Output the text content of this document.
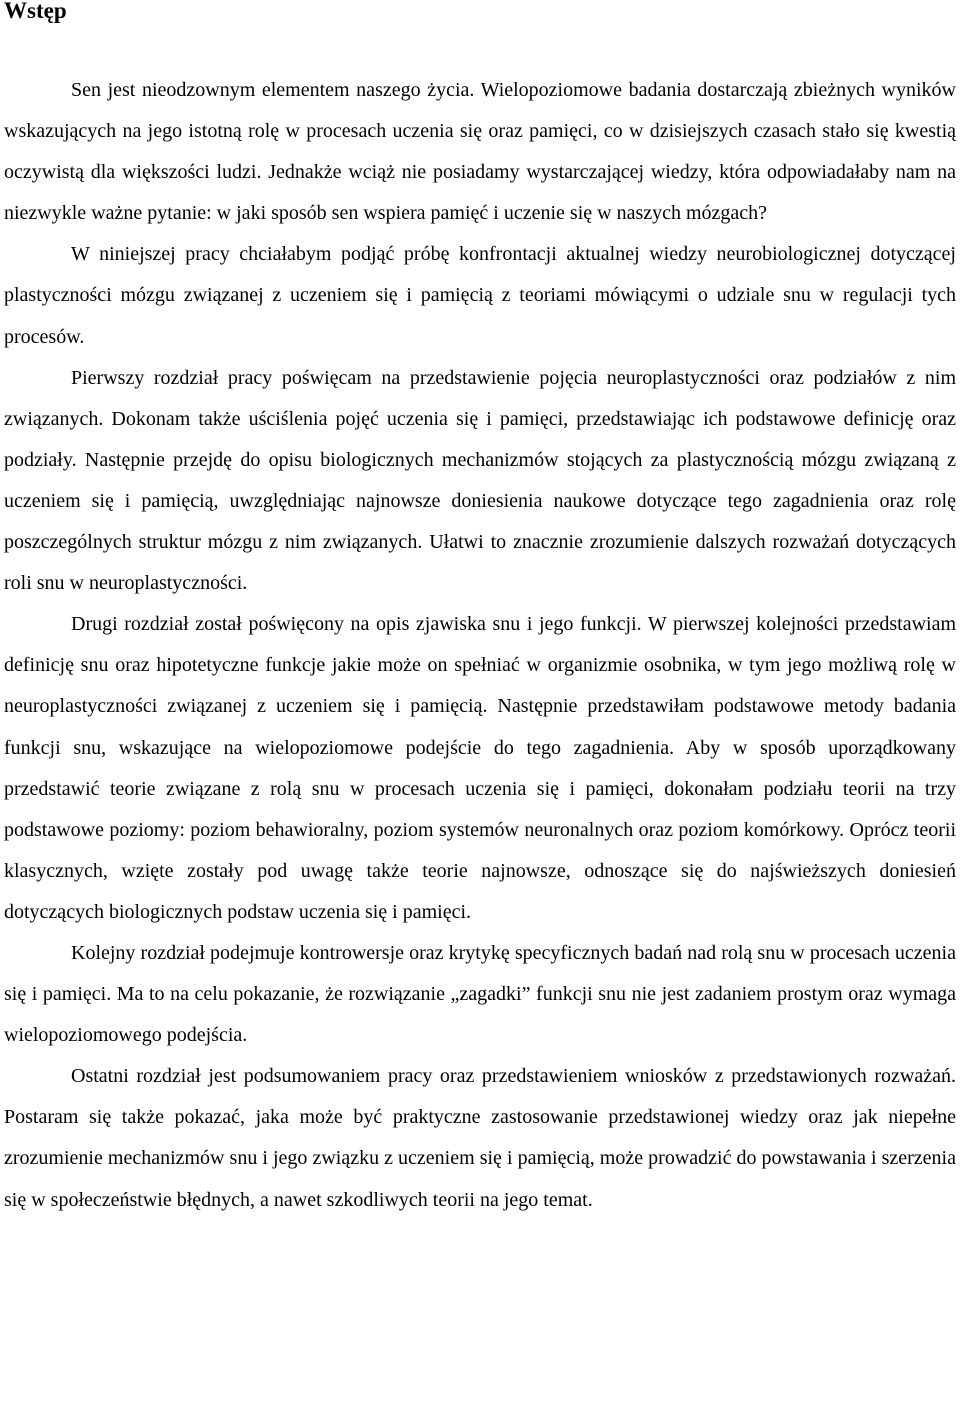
Wstęp

Sen jest nieodzownym elementem naszego życia. Wielopoziomowe badania dostarczają zbieżnych wyników wskazujących na jego istotną rolę w procesach uczenia się oraz pamięci, co w dzisiejszych czasach stało się kwestią oczywistą dla większości ludzi. Jednakże wciąż nie posiadamy wystarczającej wiedzy, która odpowiadałaby nam na niezwykle ważne pytanie: w jaki sposób sen wspiera pamięć i uczenie się w naszych mózgach?

W niniejszej pracy chciałabym podjąć próbę konfrontacji aktualnej wiedzy neurobiologicznej dotyczącej plastyczności mózgu związanej z uczeniem się i pamięcią z teoriami mówiącymi o udziale snu w regulacji tych procesów.

Pierwszy rozdział pracy poświęcam na przedstawienie pojęcia neuroplastyczności oraz podziałów z nim związanych. Dokonam także uściślenia pojęć uczenia się i pamięci, przedstawiając ich podstawowe definicję oraz podziały. Następnie przejdę do opisu biologicznych mechanizmów stojących za plastycznością mózgu związaną z uczeniem się i pamięcią, uwzględniając najnowsze doniesienia naukowe dotyczące tego zagadnienia oraz rolę poszczególnych struktur mózgu z nim związanych. Ułatwi to znacznie zrozumienie dalszych rozważań dotyczących roli snu w neuroplastyczności.

Drugi rozdział został poświęcony na opis zjawiska snu i jego funkcji. W pierwszej kolejności przedstawiam definicję snu oraz hipotetyczne funkcje jakie może on spełniać w organizmie osobnika, w tym jego możliwą rolę w neuroplastyczności związanej z uczeniem się i pamięcią. Następnie przedstawiłam podstawowe metody badania funkcji snu, wskazujące na wielopoziomowe podejście do tego zagadnienia. Aby w sposób uporządkowany przedstawić teorie związane z rolą snu w procesach uczenia się i pamięci, dokonałam podziału teorii na trzy podstawowe poziomy: poziom behawioralny, poziom systemów neuronalnych oraz poziom komórkowy. Oprócz teorii klasycznych, wzięte zostały pod uwagę także teorie najnowsze, odnoszące się do najświeższych doniesień dotyczących biologicznych podstaw uczenia się i pamięci.

Kolejny rozdział podejmuje kontrowersje oraz krytykę specyficznych badań nad rolą snu w procesach uczenia się i pamięci. Ma to na celu pokazanie, że rozwiązanie „zagadki” funkcji snu nie jest zadaniem prostym oraz wymaga wielopoziomowego podejścia.

Ostatni rozdział jest podsumowaniem pracy oraz przedstawieniem wniosków z przedstawionych rozważań. Postaram się także pokazać, jaka może być praktyczne zastosowanie przedstawionej wiedzy oraz jak niepełne zrozumienie mechanizmów snu i jego związku z uczeniem się i pamięcią, może prowadzić do powstawania i szerzenia się w społeczeństwie błędnych, a nawet szkodliwych teorii na jego temat.
